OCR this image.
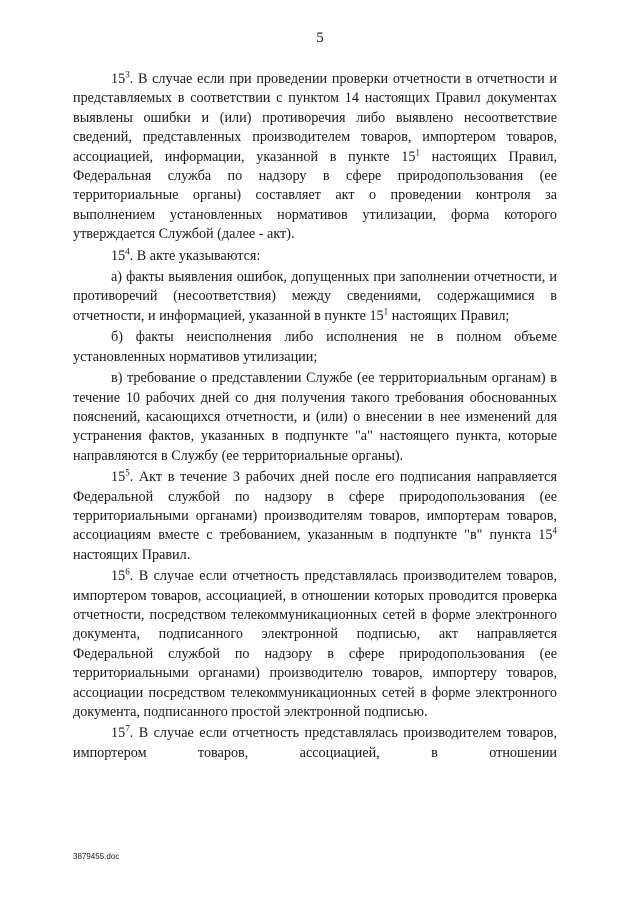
5

$15^3$. В случае если при проведении проверки отчетности в отчетности и представляемых в соответствии с пунктом 14 настоящих Правил документах выявлены ошибки и (или) противоречия либо выявлено несоответствие сведений, представленных производителем товаров, импортером товаров, ассоциацией, информации, указанной в пункте $15^1$ настоящих Правил, Федеральная служба по надзору в сфере природопользования (ее территориальные органы) составляет акт о проведении контроля за выполнением установленных нормативов утилизации, форма которого утверждается Службой (далее - акт).

$15^4$. В акте указываются:

а) факты выявления ошибок, допущенных при заполнении отчетности, и противоречий (несоответствия) между сведениями, содержащимися в отчетности, и информацией, указанной в пункте $15^1$ настоящих Правил;

б) факты неисполнения либо исполнения не в полном объеме установленных нормативов утилизации;

в) требование о представлении Службе (ее территориальным органам) в течение 10 рабочих дней со дня получения такого требования обоснованных пояснений, касающихся отчетности, и (или) о внесении в нее изменений для устранения фактов, указанных в подпункте "а" настоящего пункта, которые направляются в Службу (ее территориальные органы).

$15^5$. Акт в течение 3 рабочих дней после его подписания направляется Федеральной службой по надзору в сфере природопользования (ее территориальными органами) производителям товаров, импортерам товаров, ассоциациям вместе с требованием, указанным в подпункте "в" пункта $15^4$ настоящих Правил.

$15^6$. В случае если отчетность представлялась производителем товаров, импортером товаров, ассоциацией, в отношении которых проводится проверка отчетности, посредством телекоммуникационных сетей в форме электронного документа, подписанного электронной подписью, акт направляется Федеральной службой по надзору в сфере природопользования (ее территориальными органами) производителю товаров, импортеру товаров, ассоциации посредством телекоммуникационных сетей в форме электронного документа, подписанного простой электронной подписью.

$15^7$. В случае если отчетность представлялась производителем товаров, импортером товаров, ассоциацией, в отношении

3879455.doc
